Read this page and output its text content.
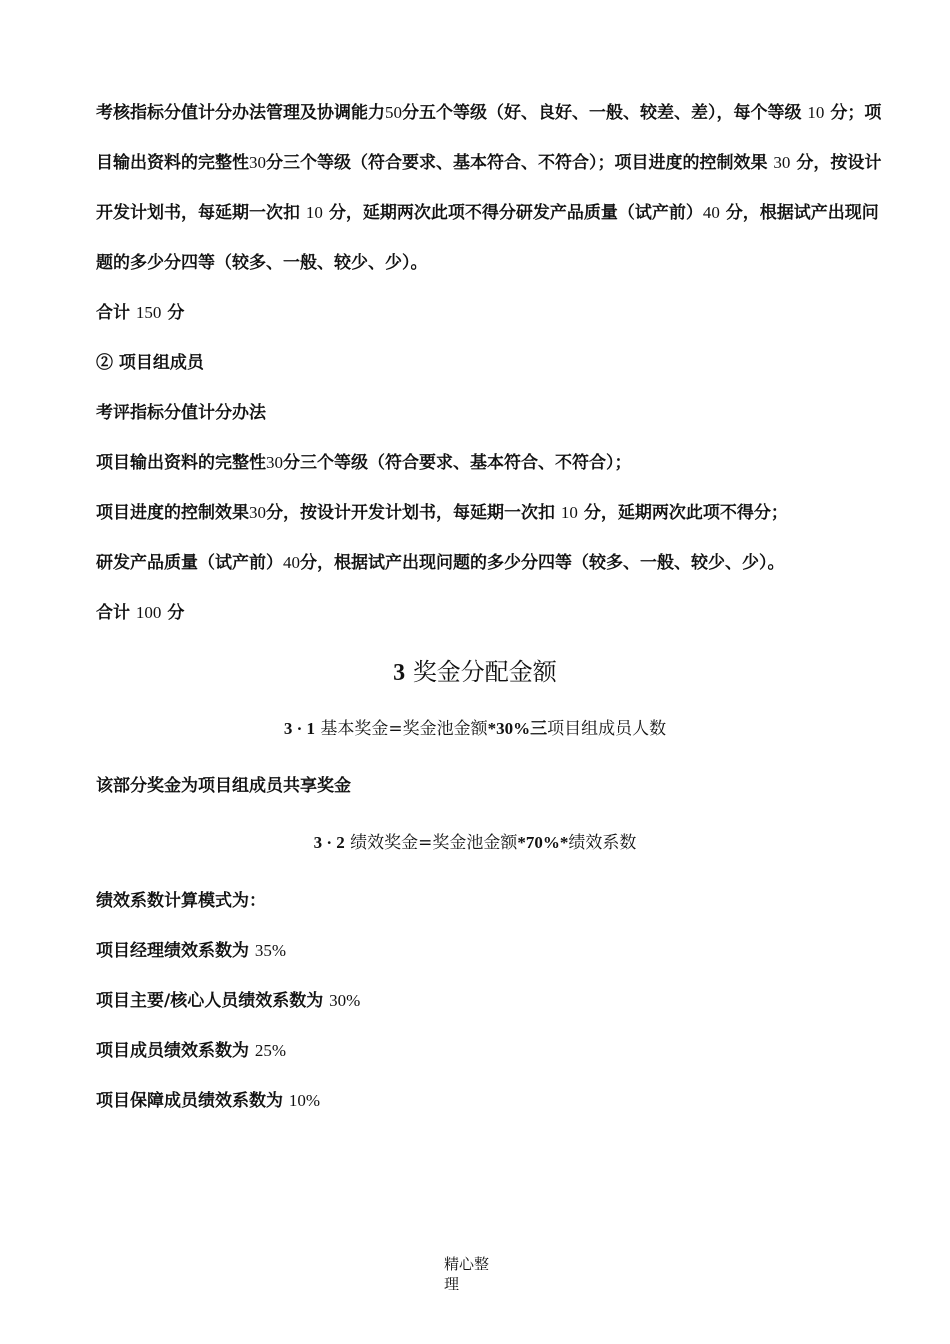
考核指标分值计分办法管理及协调能力50分五个等级（好、良好、一般、较差、差），每个等级 10 分；项目输出资料的完整性30分三个等级（符合要求、基本符合、不符合）；项目进度的控制效果 30 分，按设计开发计划书，每延期一次扣 10 分，延期两次此项不得分研发产品质量（试产前）40 分，根据试产出现问题的多少分四等（较多、一般、较少、少）。

合计 150 分

② 项目组成员

考评指标分值计分办法

项目输出资料的完整性30分三个等级（符合要求、基本符合、不符合）；

项目进度的控制效果30分，按设计开发计划书，每延期一次扣 10 分，延期两次此项不得分；

研发产品质量（试产前）40分，根据试产出现问题的多少分四等（较多、一般、较少、少）。

合计 100 分

3 奖金分配金额

3 · 1 基本奖金=奖金池金额*30%三项目组成员人数

该部分奖金为项目组成员共享奖金

3 · 2 绩效奖金=奖金池金额*70%*绩效系数

绩效系数计算模式为：

项目经理绩效系数为 35%

项目主要/核心人员绩效系数为 30%

项目成员绩效系数为 25%

项目保障成员绩效系数为 10%

精心整理
